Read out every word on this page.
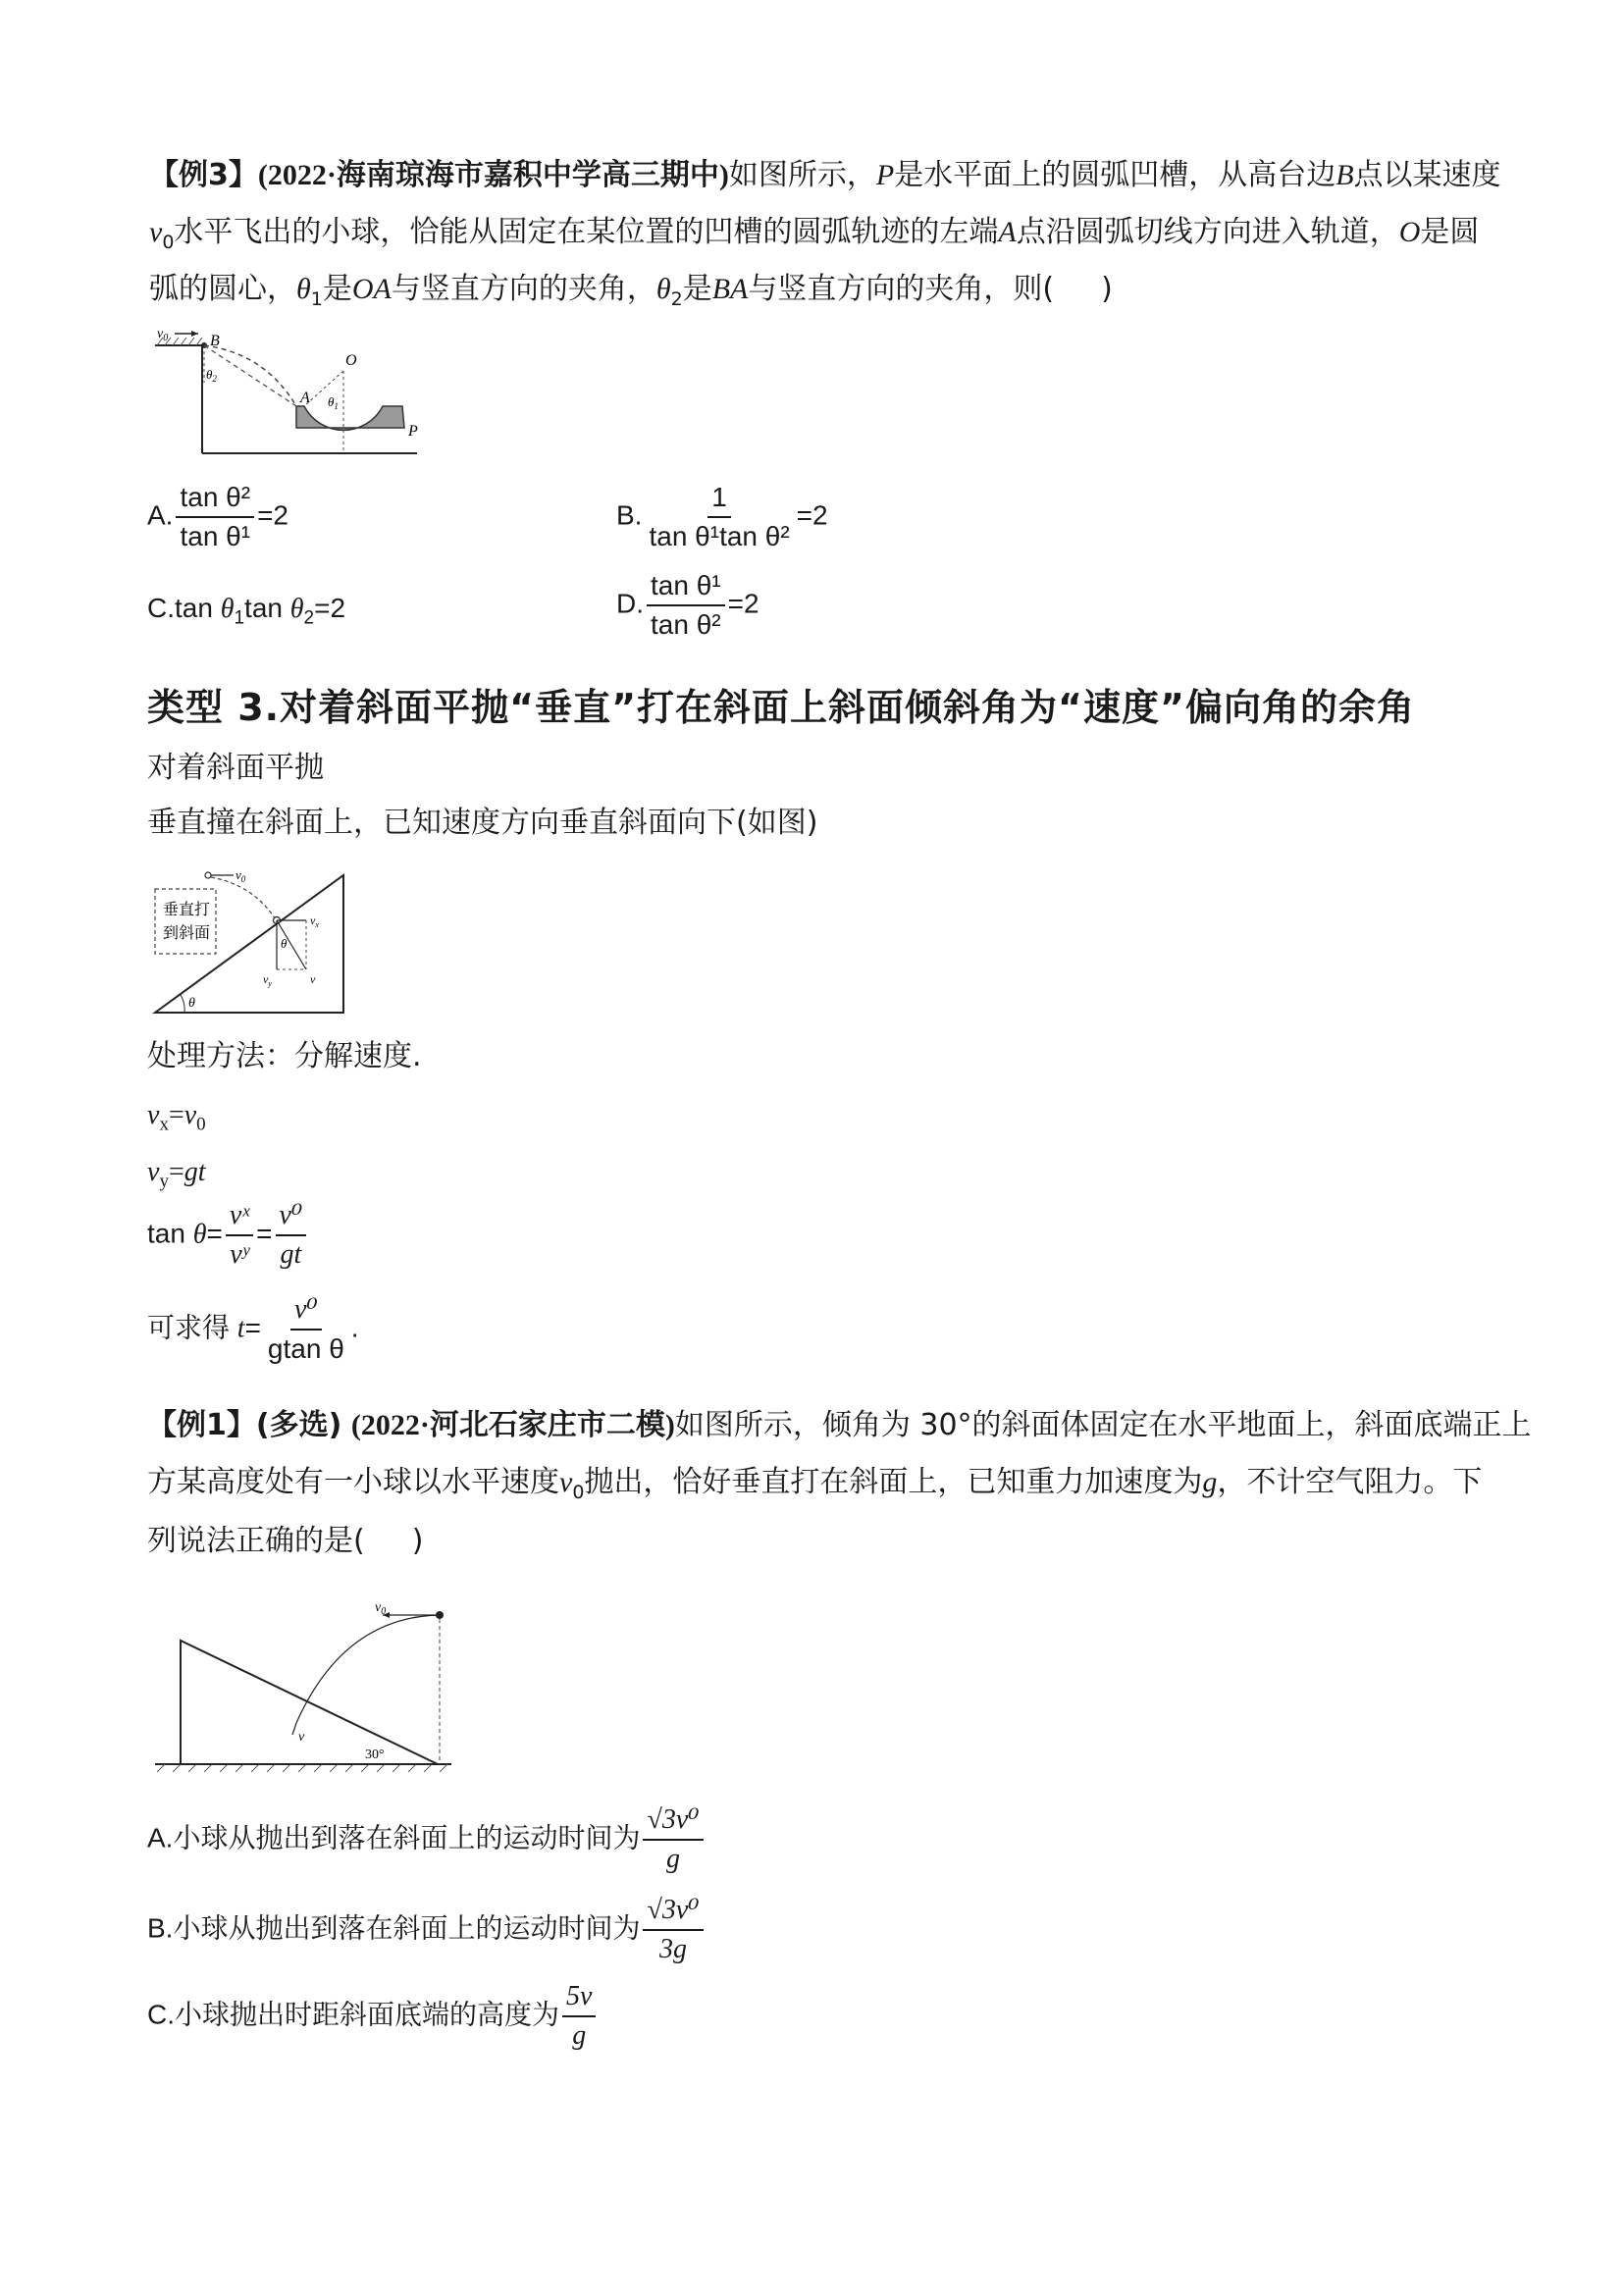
【例3】(2022·海南琼海市嘉积中学高三期中)如图所示，P是水平面上的圆弧凹槽，从高台边B点以某速度
$v_0$水平飞出的小球，恰能从固定在某位置的凹槽的圆弧轨迹的左端A点沿圆弧切线方向进入轨道，O是圆
弧的圆心，$\theta_1$是OA与竖直方向的夹角，$\theta_2$是BA与竖直方向的夹角，则( )
$v_0$	B
$\theta_2$
O
A $\theta_1$
P
A. $\frac{\text{tan θ²}}{\text{tan θ¹}} =2$	B. $\frac{1}{\text{tan θ¹tan θ²}} =2$
C.tan $\theta_1\tan$ $\theta_2=2$	D. $\frac{\text{tan θ¹}}{\text{tan θ²}} =2$
类型 3.对着斜面平抛“垂直”打在斜面上斜面倾斜角为“速度”偏向角的余角
对着斜面平抛
垂直撞在斜面上，已知速度方向垂直斜面向下(如图)
垂直打
到斜面
$v_0$
$v_x$
$v_y$	v
θ
θ
处理方法：分解速度.
$v_x=v_0$
$v_y=gt$
$\tan \theta= \frac{\text{vˣ}}{\text{vʸ}} = \frac{\text{v⁰}}{gt}$
可求得 $t= \frac{\text{v⁰}}{\text{gtan θ}}$ .
【例1】(多选) (2022·河北石家庄市二模)如图所示，倾角为 30°的斜面体固定在水平地面上，斜面底端正上
方某高度处有一小球以水平速度$v_0$抛出，恰好垂直打在斜面上，已知重力加速度为g，不计空气阻力。下
列说法正确的是( )
$v_0$
v
30°
A.小球从抛出到落在斜面上的运动时间为 $\frac{\text{√3v⁰}}{g}$
B.小球从抛出到落在斜面上的运动时间为 $\frac{\text{√3v⁰}}{3g}$
C.小球抛出时距斜面底端的高度为 $\frac{5v}{g}$
